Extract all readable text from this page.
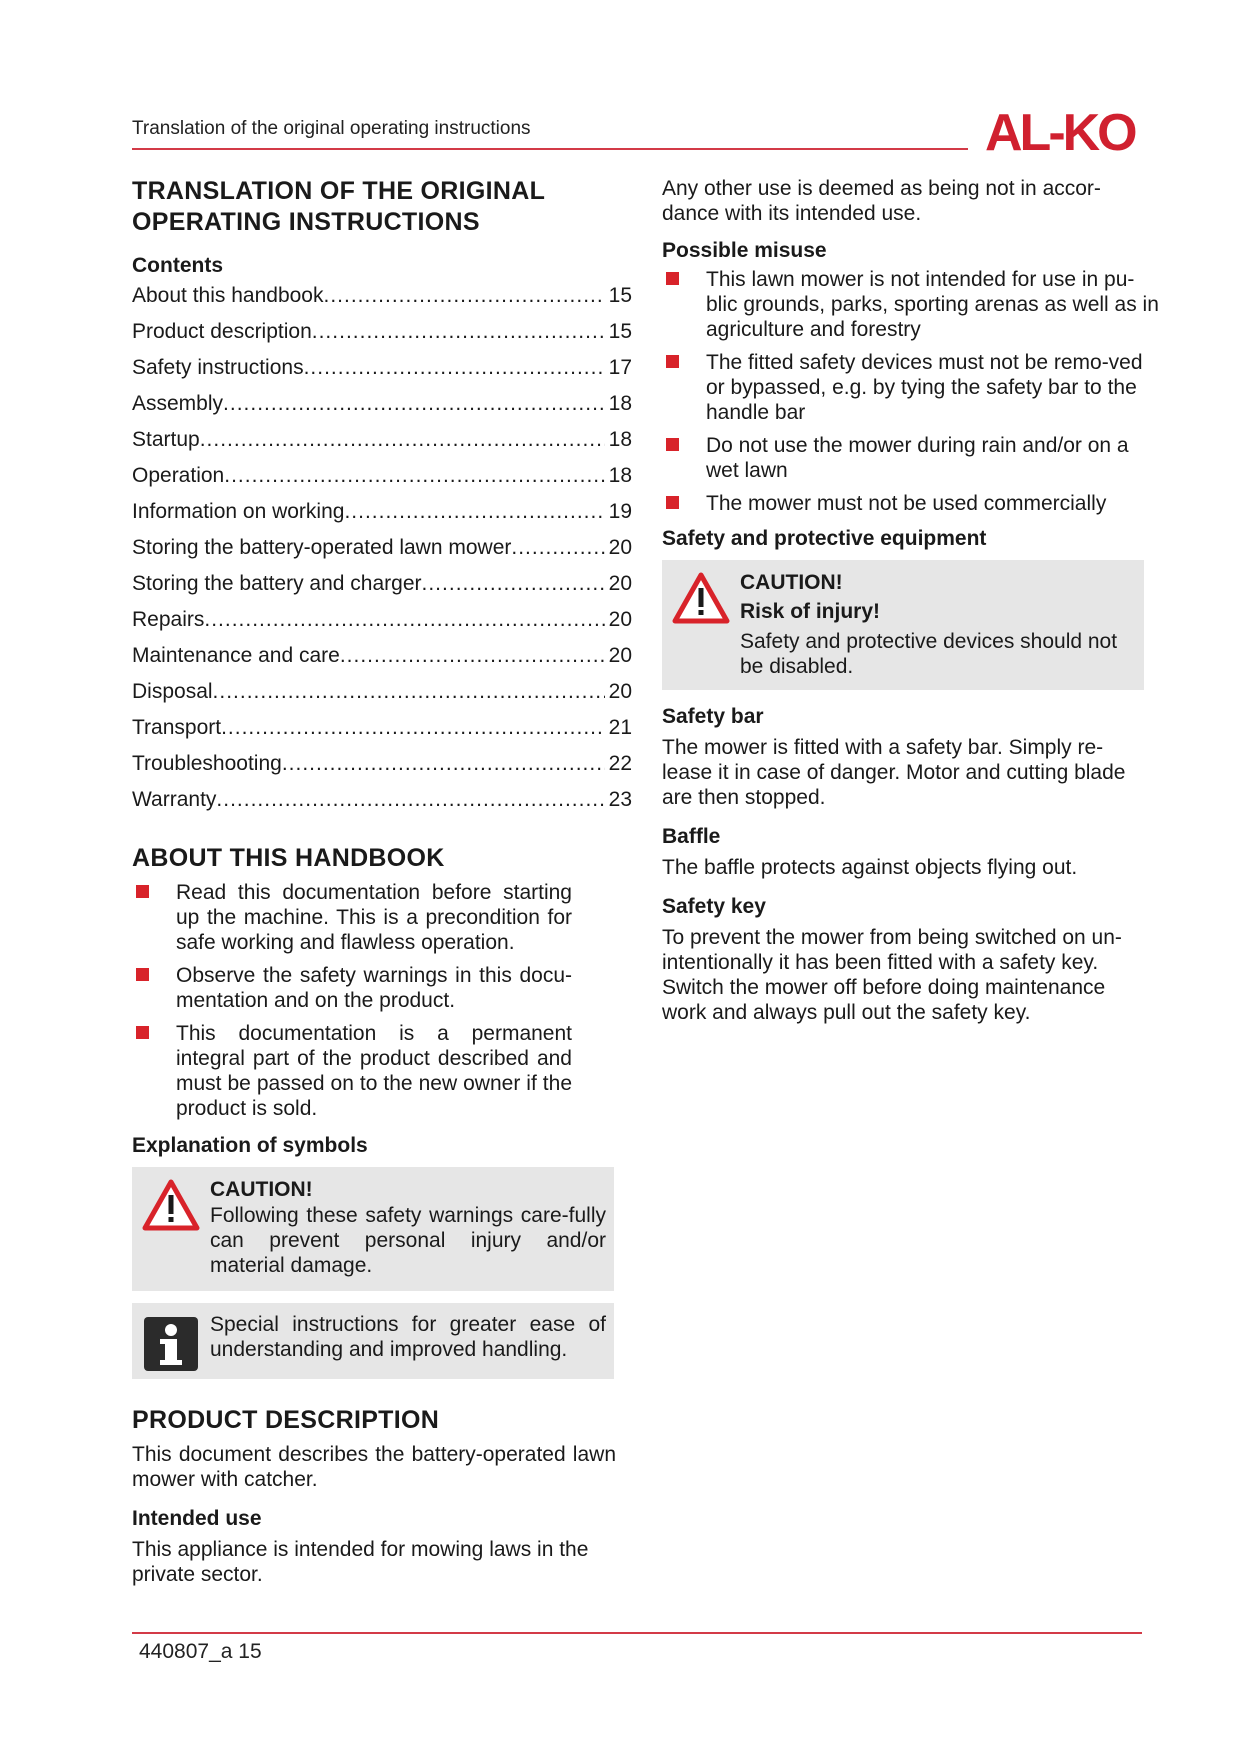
Translation of the original operating instructions	AL-KO
TRANSLATION OF THE ORIGINAL
OPERATING INSTRUCTIONS
Contents
About this handbook .....	15
Product description .....	15
Safety instructions .....	17
Assembly .....	18
Startup .....	18
Operation .....	18
Information on working .....	19
Storing the battery-operated lawn mower .....	20
Storing the battery and charger .....	20
Repairs .....	20
Maintenance and care .....	20
Disposal .....	20
Transport .....	21
Troubleshooting .....	22
Warranty .....	23
ABOUT THIS HANDBOOK
Read this documentation before starting up the machine. This is a precondition for safe working and flawless operation.
Observe the safety warnings in this docu-mentation and on the product.
This documentation is a permanent integral part of the product described and must be passed on to the new owner if the product is sold.
Explanation of symbols
CAUTION!
Following these safety warnings care-fully can prevent personal injury and/or material damage.
Special instructions for greater ease of understanding and improved handling.
PRODUCT DESCRIPTION
This document describes the battery-operated lawn mower with catcher.
Intended use
This appliance is intended for mowing laws in the private sector.
Any other use is deemed as being not in accor-dance with its intended use.
Possible misuse
This lawn mower is not intended for use in pu-blic grounds, parks, sporting arenas as well as in agriculture and forestry
The fitted safety devices must not be remo-ved or bypassed, e.g. by tying the safety bar to the handle bar
Do not use the mower during rain and/or on a wet lawn
The mower must not be used commercially
Safety and protective equipment
CAUTION!
Risk of injury!
Safety and protective devices should not be disabled.
Safety bar
The mower is fitted with a safety bar. Simply re-lease it in case of danger. Motor and cutting blade are then stopped.
Baffle
The baffle protects against objects flying out.
Safety key
To prevent the mower from being switched on un-intentionally it has been fitted with a safety key. Switch the mower off before doing maintenance work and always pull out the safety key.
440807_a 15
